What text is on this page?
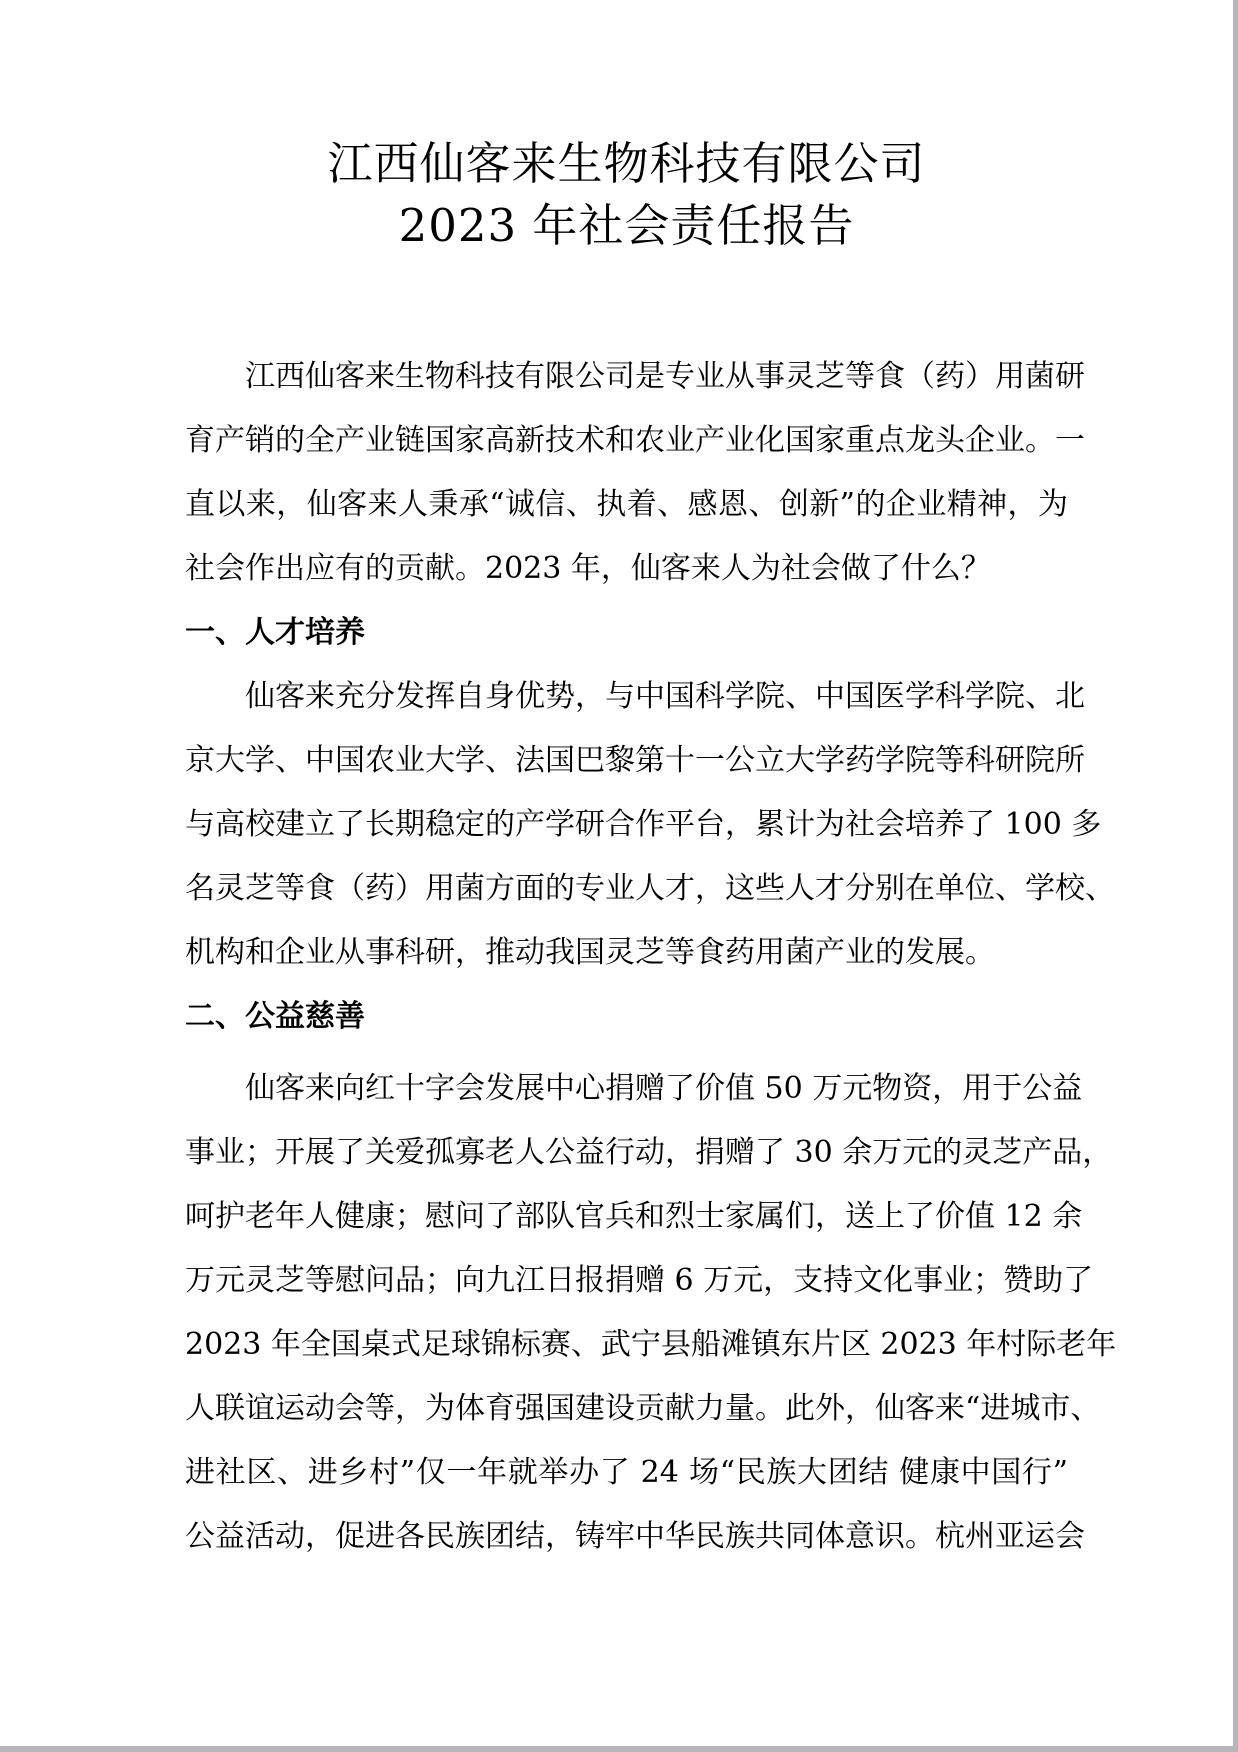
江西仙客来生物科技有限公司
2023 年社会责任报告
江西仙客来生物科技有限公司是专业从事灵芝等食（药）用菌研
育产销的全产业链国家高新技术和农业产业化国家重点龙头企业。一
直以来，仙客来人秉承“诚信、执着、感恩、创新”的企业精神，为
社会作出应有的贡献。2023 年，仙客来人为社会做了什么？
一、人才培养
仙客来充分发挥自身优势，与中国科学院、中国医学科学院、北
京大学、中国农业大学、法国巴黎第十一公立大学药学院等科研院所
与高校建立了长期稳定的产学研合作平台，累计为社会培养了 100 多
名灵芝等食（药）用菌方面的专业人才，这些人才分别在单位、学校、
机构和企业从事科研，推动我国灵芝等食药用菌产业的发展。
二、公益慈善
仙客来向红十字会发展中心捐赠了价值 50 万元物资，用于公益
事业；开展了关爱孤寡老人公益行动，捐赠了 30 余万元的灵芝产品，
呵护老年人健康；慰问了部队官兵和烈士家属们，送上了价值 12 余
万元灵芝等慰问品；向九江日报捐赠 6 万元，支持文化事业；赞助了
2023 年全国桌式足球锦标赛、武宁县船滩镇东片区 2023 年村际老年
人联谊运动会等，为体育强国建设贡献力量。此外，仙客来“进城市、
进社区、进乡村”仅一年就举办了 24 场“民族大团结 健康中国行”
公益活动，促进各民族团结，铸牢中华民族共同体意识。杭州亚运会
